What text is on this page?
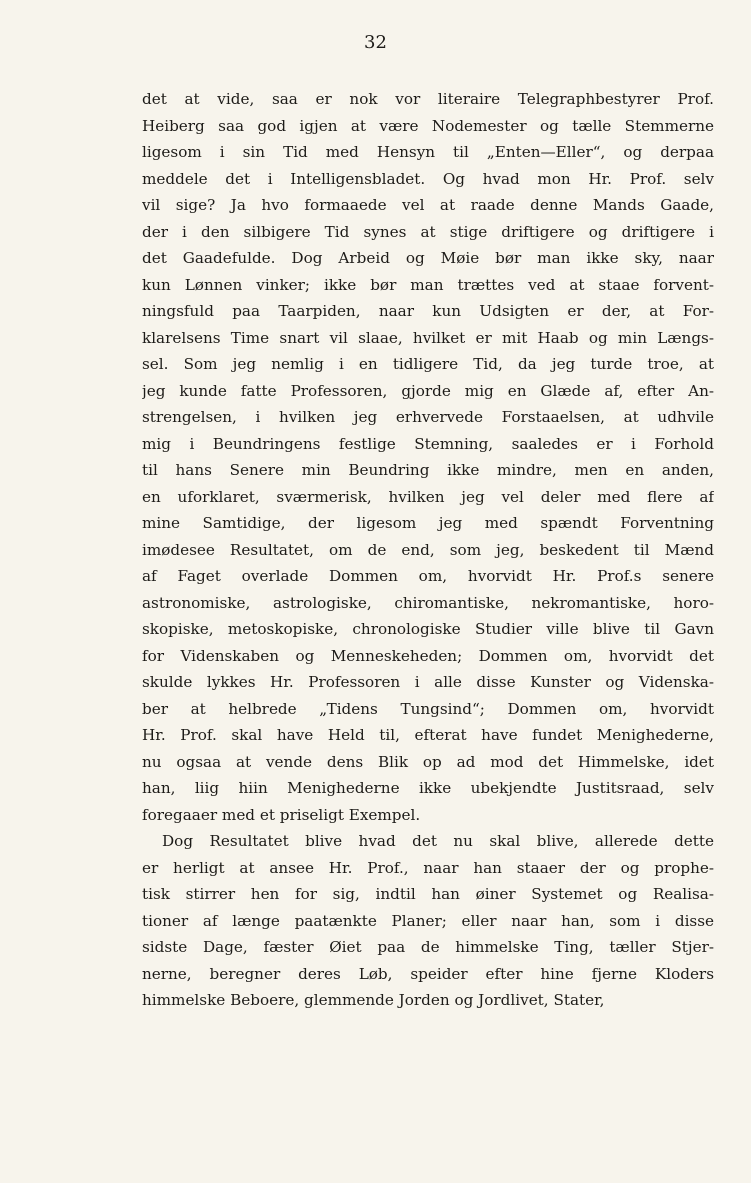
32
det at vide, saa er nok vor literaire Telegraphbestyrer Prof.
Heiberg saa god igjen at være Nodemester og tælle Stemmerne
ligesom i sin Tid med Hensyn til „Enten—Eller“, og derpaa
meddele det i Intelligensbladet. Og hvad mon Hr. Prof. selv
vil sige? Ja hvo formaaede vel at raade denne Mands Gaade,
der i den silbigere Tid synes at stige driftigere og driftigere i
det Gaadefulde. Dog Arbeid og Møie bør man ikke sky, naar
kun Lønnen vinker; ikke bør man trættes ved at staae forvent-
ningsfuld paa Taarpiden, naar kun Udsigten er der, at For-
klarelsens Time snart vil slaae, hvilket er mit Haab og min Længs-
sel. Som jeg nemlig i en tidligere Tid, da jeg turde troe, at
jeg kunde fatte Professoren, gjorde mig en Glæde af, efter An-
strengelsen, i hvilken jeg erhvervede Forstaaelsen, at udhvile
mig i Beundringens festlige Stemning, saaledes er i Forhold
til hans Senere min Beundring ikke mindre, men en anden,
en uforklaret, sværmerisk, hvilken jeg vel deler med flere af
mine Samtidige, der ligesom jeg med spændt Forventning
imødesee Resultatet, om de end, som jeg, beskedent til Mænd
af Faget overlade Dommen om, hvorvidt Hr. Prof.s senere
astronomiske, astrologiske, chiromantiske, nekromantiske, horo-
skopiske, metoskopiske, chronologiske Studier ville blive til Gavn
for Videnskaben og Menneskeheden; Dommen om, hvorvidt det
skulde lykkes Hr. Professoren i alle disse Kunster og Videnska-
ber at helbrede „Tidens Tungsind“; Dommen om, hvorvidt
Hr. Prof. skal have Held til, efterat have fundet Menighederne,
nu ogsaa at vende dens Blik op ad mod det Himmelske, idet
han, liig hiin Menighederne ikke ubekjendte Justitsraad, selv
foregaaer med et priseligt Exempel.
Dog Resultatet blive hvad det nu skal blive, allerede dette
er herligt at ansee Hr. Prof., naar han staaer der og prophe-
tisk stirrer hen for sig, indtil han øiner Systemet og Realisa-
tioner af længe paatænkte Planer; eller naar han, som i disse
sidste Dage, fæster Øiet paa de himmelske Ting, tæller Stjer-
nerne, beregner deres Løb, speider efter hine fjerne Kloders
himmelske Beboere, glemmende Jorden og Jordlivet, Stater,
